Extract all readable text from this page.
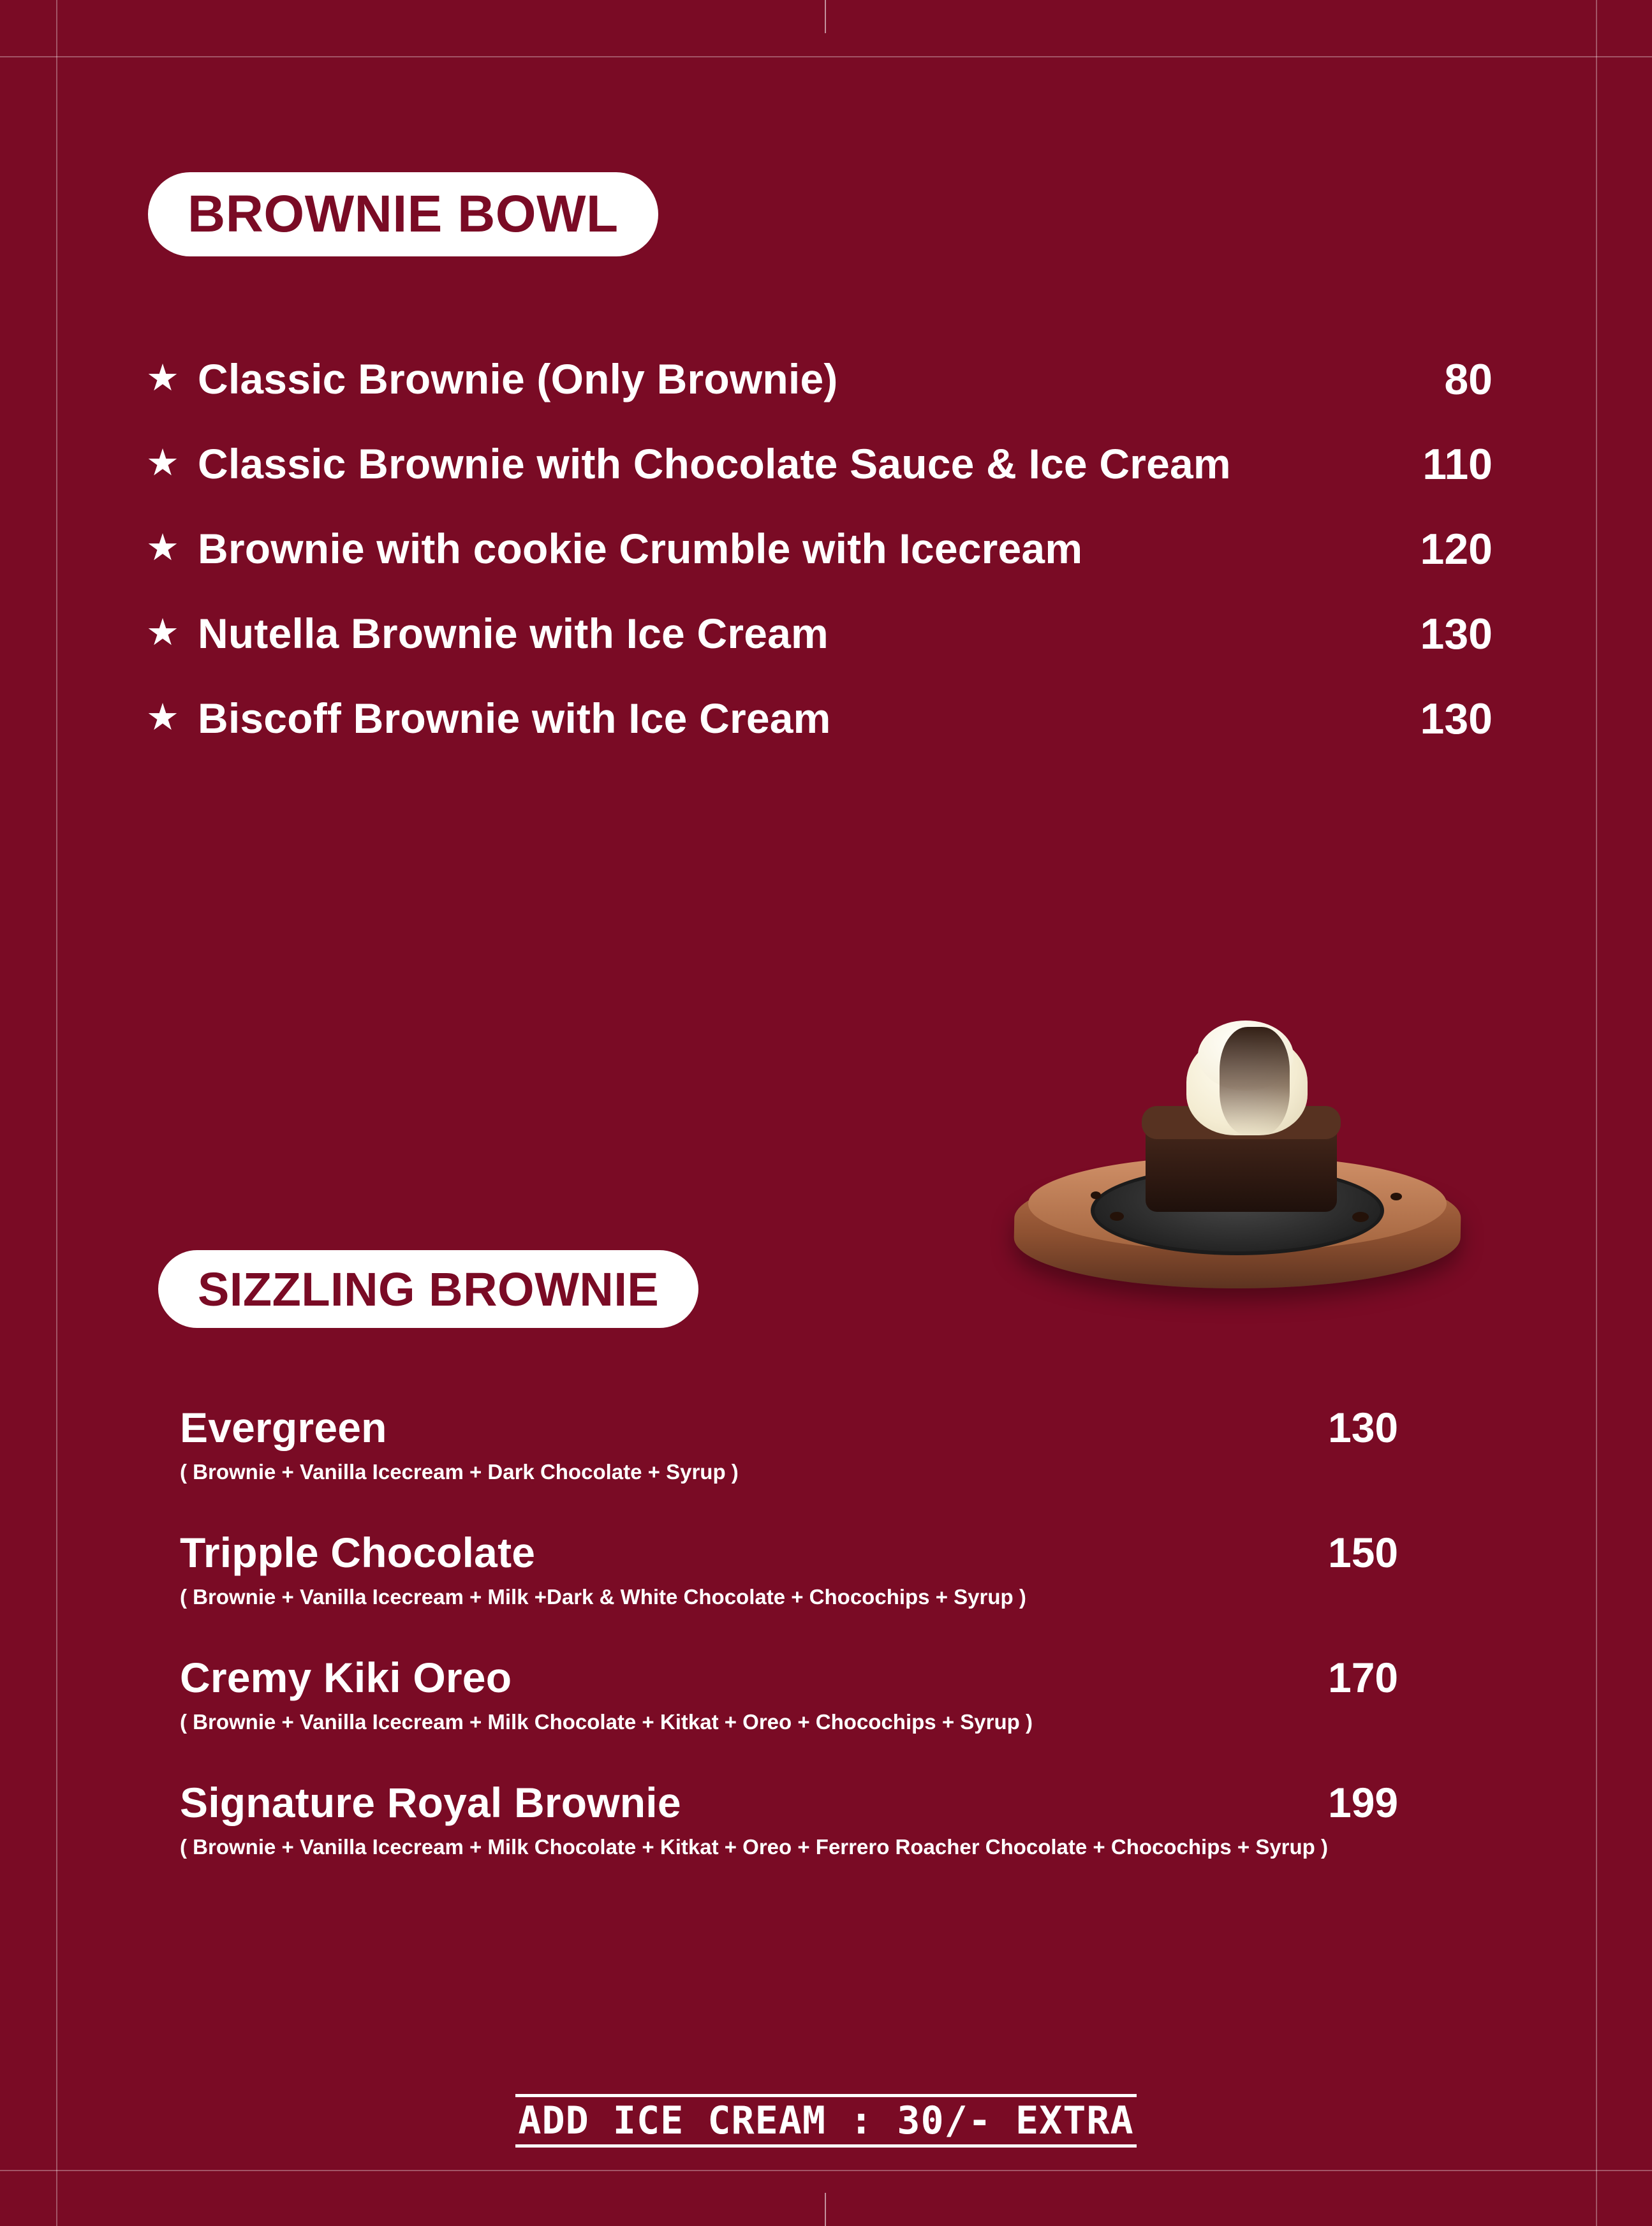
BROWNIE BOWL
★ Classic Brownie (Only Brownie)	80
★ Classic Brownie with Chocolate Sauce & Ice Cream	110
★ Brownie with cookie Crumble with Icecream	120
★ Nutella Brownie with Ice Cream	130
★ Biscoff Brownie with Ice Cream	130
SIZZLING BROWNIE
Evergreen	130
( Brownie + Vanilla Icecream + Dark Chocolate + Syrup )
Tripple Chocolate	150
( Brownie + Vanilla Icecream + Milk +Dark & White Chocolate + Chocochips + Syrup )
Cremy Kiki Oreo	170
( Brownie + Vanilla Icecream + Milk Chocolate + Kitkat + Oreo + Chocochips + Syrup )
Signature Royal Brownie	199
( Brownie + Vanilla Icecream + Milk Chocolate + Kitkat + Oreo + Ferrero Roacher Chocolate + Chocochips + Syrup )
ADD ICE CREAM : 30/- EXTRA
